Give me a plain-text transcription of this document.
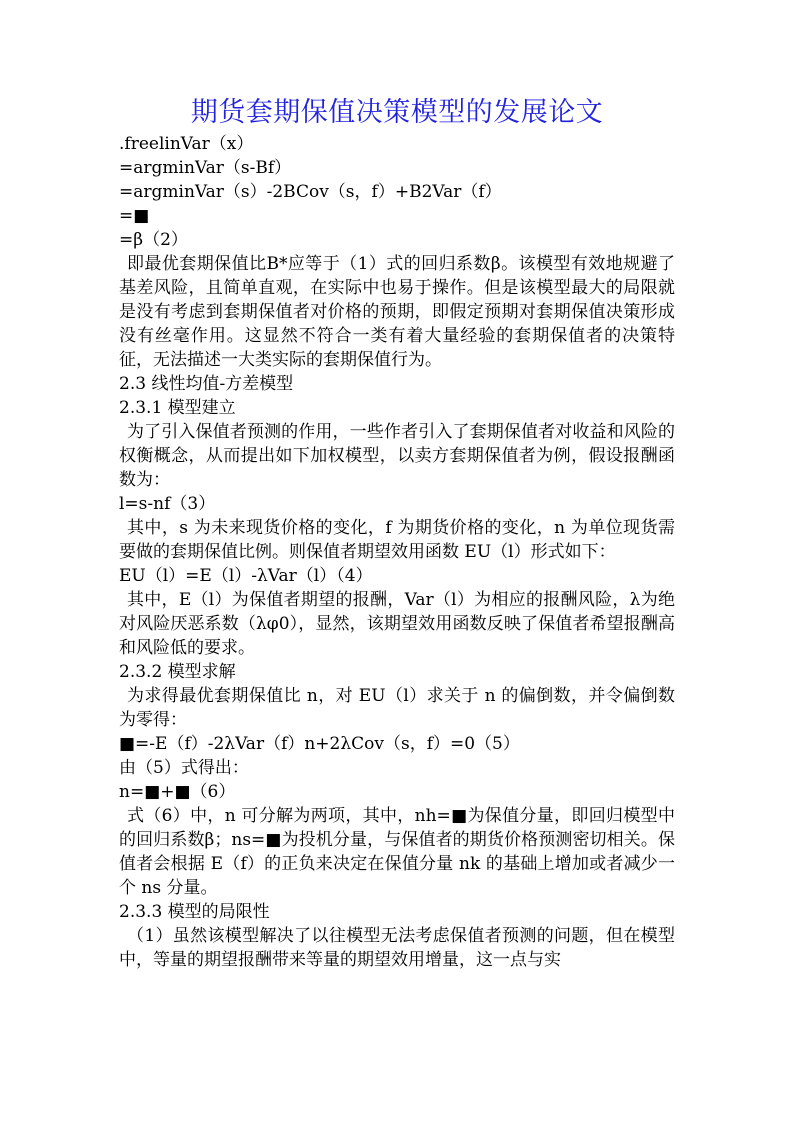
期货套期保值决策模型的发展论文

.freelinVar（x）

=argminVar（s-Bf）

=argminVar（s）-2BCov（s，f）+B2Var（f）

=■

=β（2）

即最优套期保值比B*应等于（1）式的回归系数β。该模型有效地规避了基差风险，且简单直观，在实际中也易于操作。但是该模型最大的局限就是没有考虑到套期保值者对价格的预期，即假定预期对套期保值决策形成没有丝毫作用。这显然不符合一类有着大量经验的套期保值者的决策特征，无法描述一大类实际的套期保值行为。

2.3 线性均值-方差模型

2.3.1 模型建立

为了引入保值者预测的作用，一些作者引入了套期保值者对收益和风险的权衡概念，从而提出如下加权模型，以卖方套期保值者为例，假设报酬函数为：

l=s-nf（3）

其中，s 为未来现货价格的变化，f 为期货价格的变化，n 为单位现货需要做的套期保值比例。则保值者期望效用函数 EU（l）形式如下：

EU（l）=E（l）-λVar（l）（4）

其中，E（l）为保值者期望的报酬，Var（l）为相应的报酬风险，λ为绝对风险厌恶系数（λφ0），显然，该期望效用函数反映了保值者希望报酬高和风险低的要求。

2.3.2 模型求解

为求得最优套期保值比 n，对 EU（l）求关于 n 的偏倒数，并令偏倒数为零得：

■=-E（f）-2λVar（f）n+2λCov（s，f）=0（5）

由（5）式得出：

n=■+■（6）

式（6）中，n 可分解为两项，其中，nh=■为保值分量，即回归模型中的回归系数β；ns=■为投机分量，与保值者的期货价格预测密切相关。保值者会根据 E（f）的正负来决定在保值分量 nk 的基础上增加或者减少一个 ns 分量。

2.3.3 模型的局限性

（1）虽然该模型解决了以往模型无法考虑保值者预测的问题，但在模型中，等量的期望报酬带来等量的期望效用增量，这一点与实
